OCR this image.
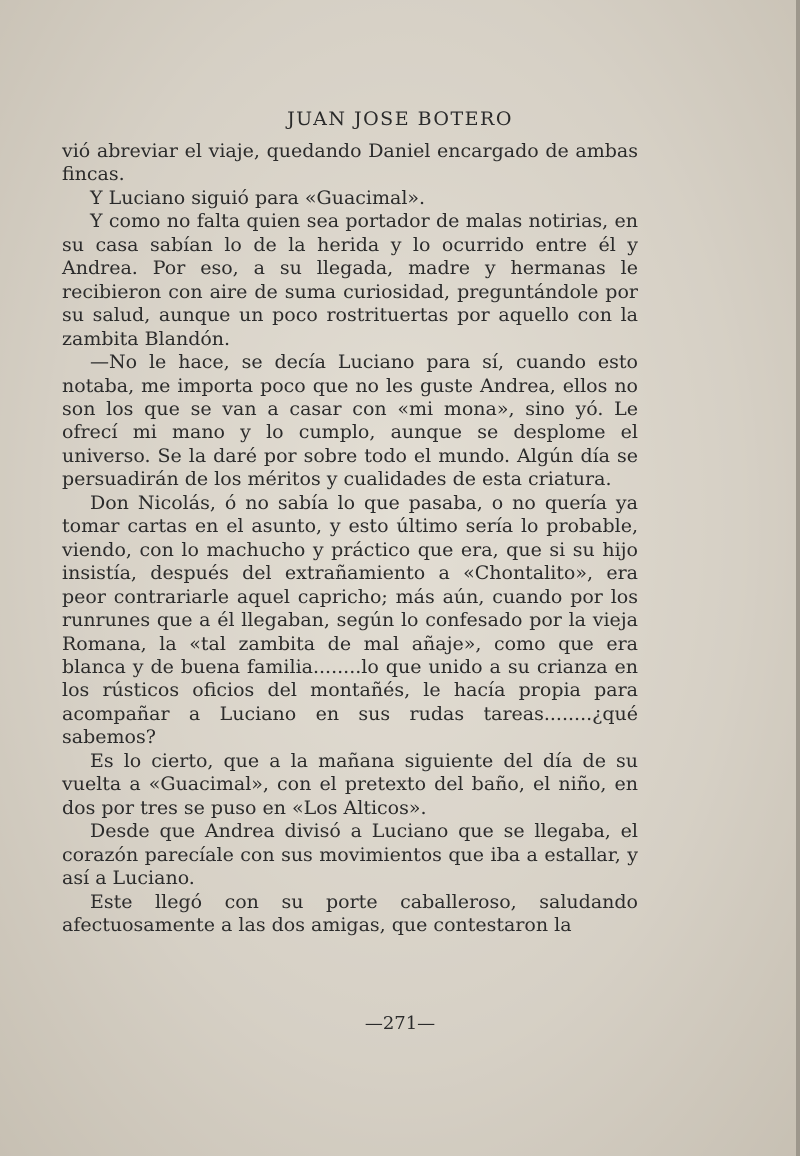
JUAN JOSE BOTERO

vió abreviar el viaje, quedando Daniel encargado de ambas fincas.

Y Luciano siguió para «Guacimal».

Y como no falta quien sea portador de malas notirias, en su casa sabían lo de la herida y lo ocurrido entre él y Andrea. Por eso, a su llegada, madre y hermanas le recibieron con aire de suma curiosidad, preguntándole por su salud, aunque un poco rostrituertas por aquello con la zambita Blandón.

—No le hace, se decía Luciano para sí, cuando esto notaba, me importa poco que no les guste Andrea, ellos no son los que se van a casar con «mi mona», sino yó. Le ofrecí mi mano y lo cumplo, aunque se desplome el universo. Se la daré por sobre todo el mundo. Algún día se persuadirán de los méritos y cualidades de esta criatura.

Don Nicolás, ó no sabía lo que pasaba, o no quería ya tomar cartas en el asunto, y esto último sería lo probable, viendo, con lo machucho y práctico que era, que si su hijo insistía, después del extrañamiento a «Chontalito», era peor contrariarle aquel capricho; más aún, cuando por los runrunes que a él llegaban, según lo confesado por la vieja Romana, la «tal zambita de mal añaje», como que era blanca y de buena familia........lo que unido a su crianza en los rústicos oficios del montañés, le hacía propia para acompañar a Luciano en sus rudas tareas........¿qué sabemos?

Es lo cierto, que a la mañana siguiente del día de su vuelta a «Guacimal», con el pretexto del baño, el niño, en dos por tres se puso en «Los Alticos».

Desde que Andrea divisó a Luciano que se llegaba, el corazón parecíale con sus movimientos que iba a estallar, y así a Luciano.

Este llegó con su porte caballeroso, saludando afectuosamente a las dos amigas, que contestaron la

—271—
